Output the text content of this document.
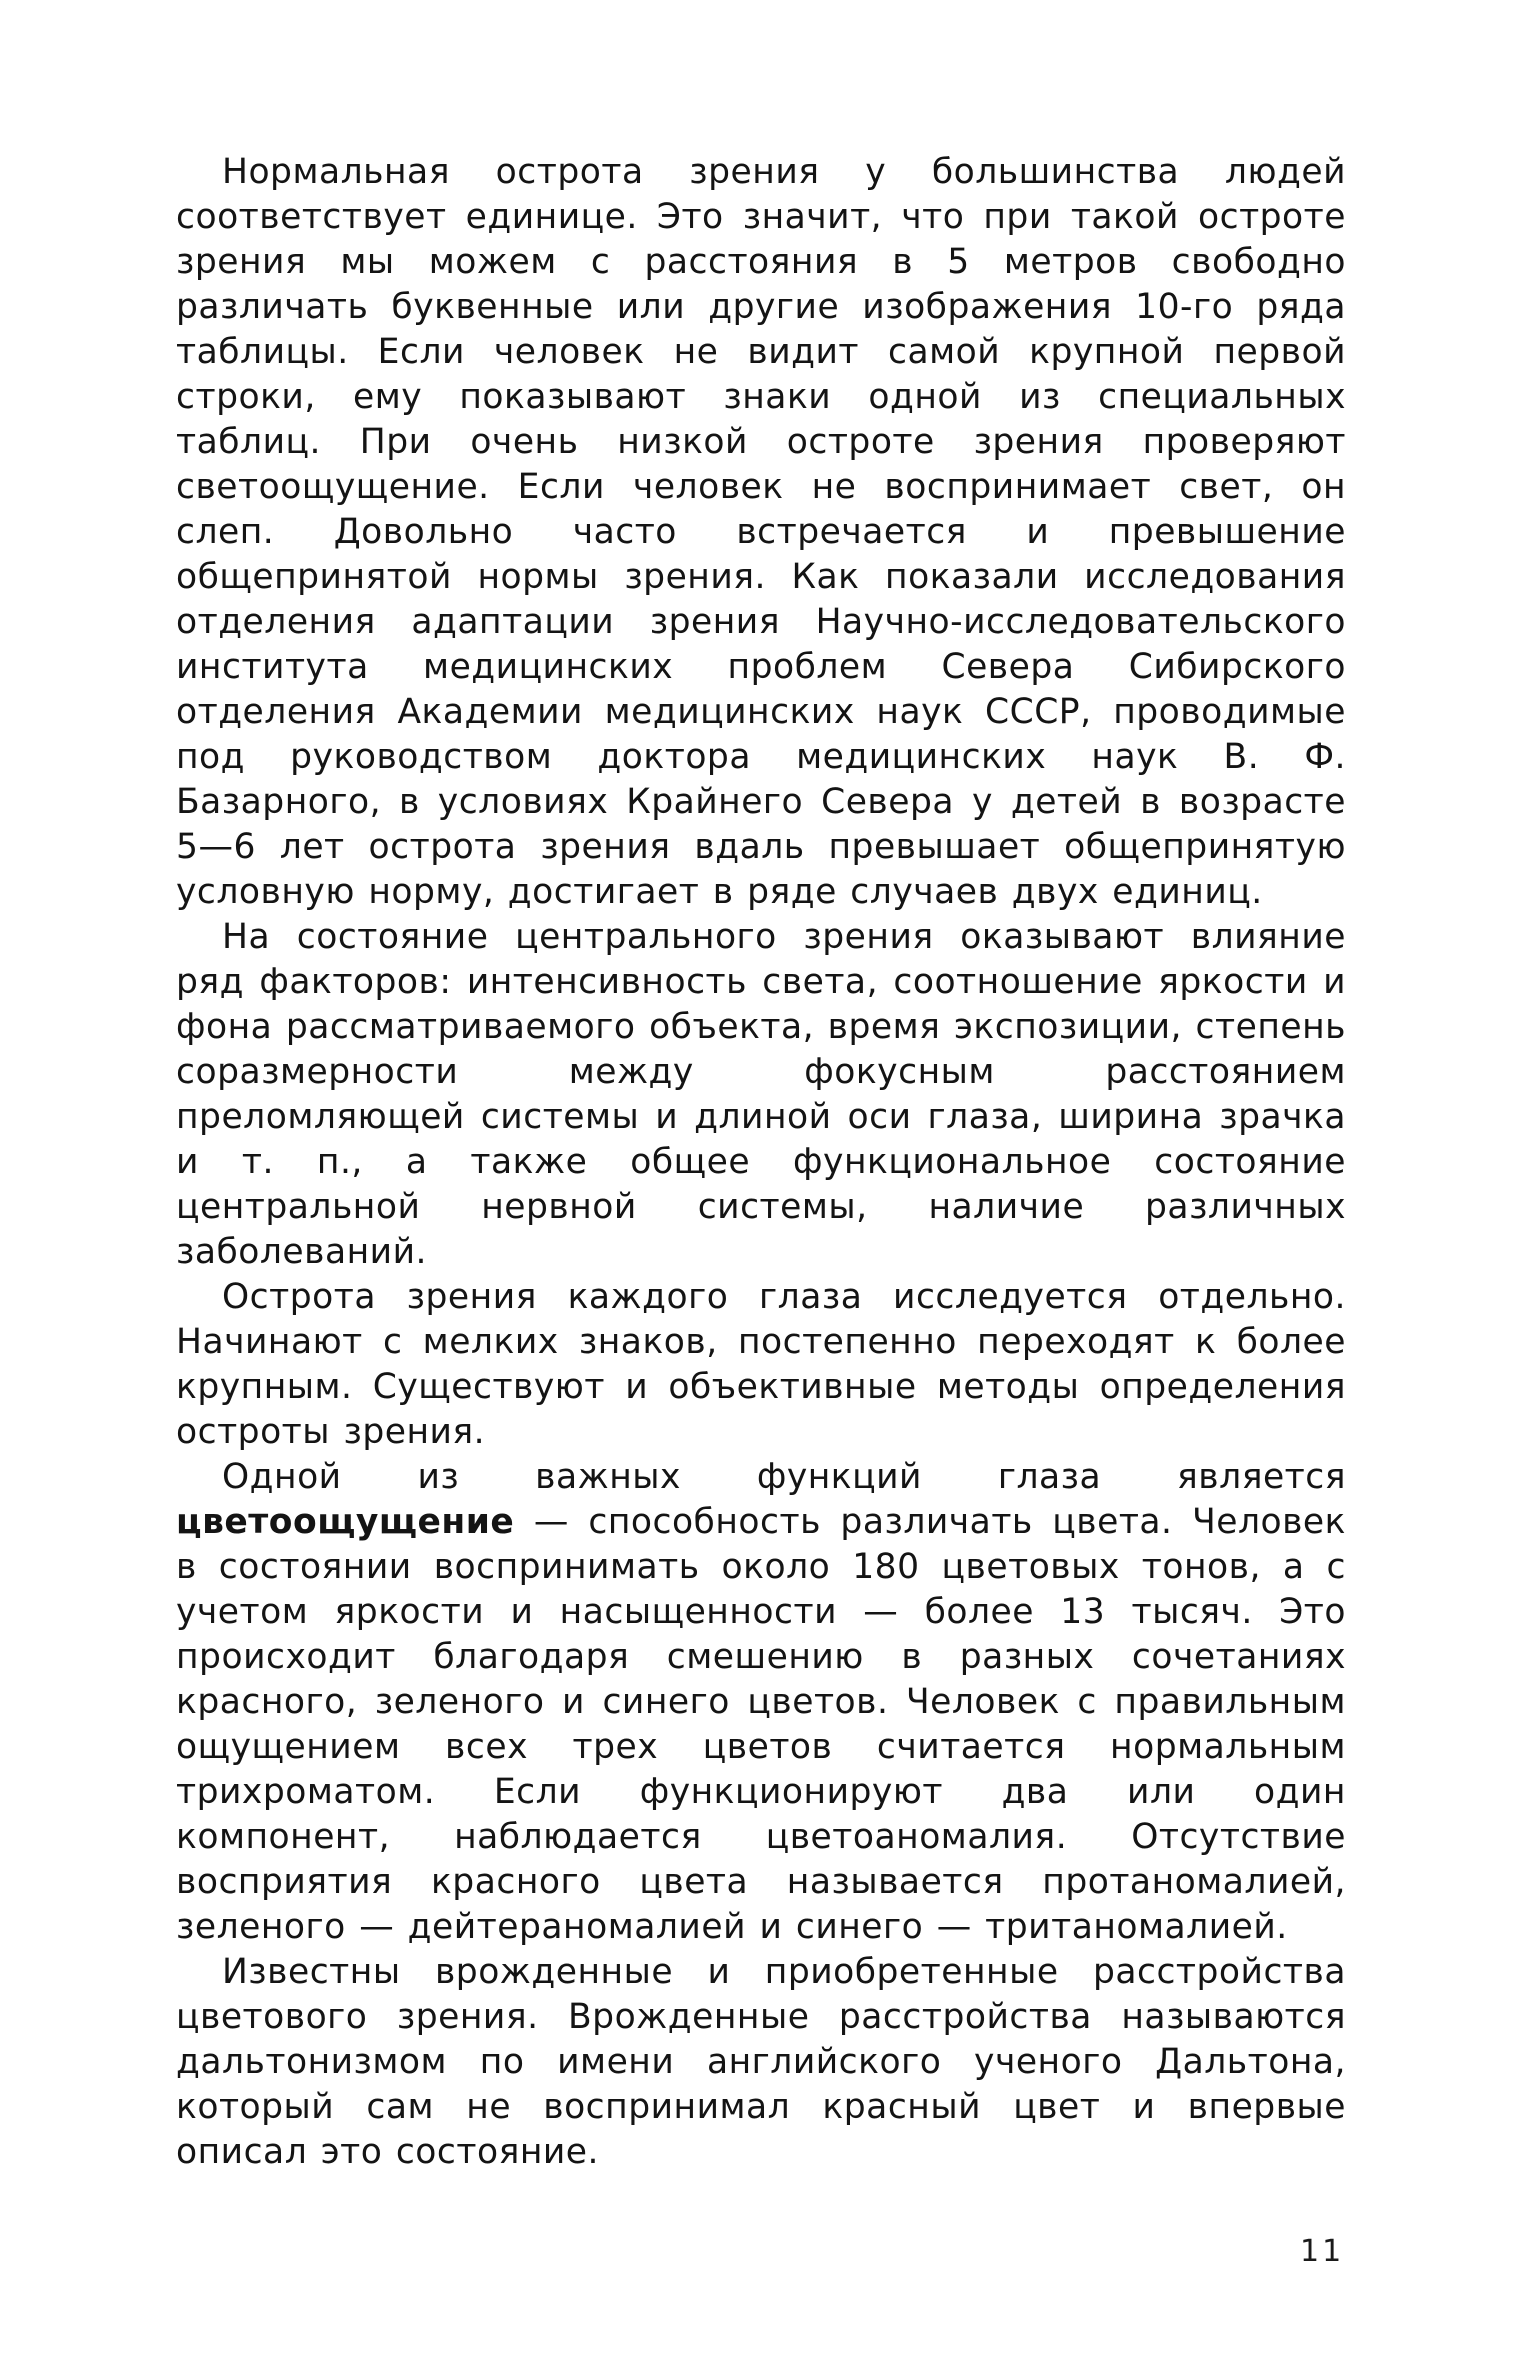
Нормальная острота зрения у большинства людей соответствует единице. Это значит, что при такой остроте зрения мы можем с расстояния в 5 метров свободно различать буквенные или другие изображения 10-го ряда таблицы. Если человек не видит самой крупной первой строки, ему показывают знаки одной из специальных таблиц. При очень низкой остроте зрения проверяют светоощущение. Если человек не воспринимает свет, он слеп. Довольно часто встречается и превышение общепринятой нормы зрения. Как показали исследования отделения адаптации зрения Научно-исследовательского института медицинских проблем Севера Сибирского отделения Академии медицинских наук СССР, проводимые под руководством доктора медицинских наук В. Ф. Базарного, в условиях Крайнего Севера у детей в возрасте 5—6 лет острота зрения вдаль превышает общепринятую условную норму, достигает в ряде случаев двух единиц.

На состояние центрального зрения оказывают влияние ряд факторов: интенсивность света, соотношение яркости и фона рассматриваемого объекта, время экспозиции, степень соразмерности между фокусным расстоянием преломляющей системы и длиной оси глаза, ширина зрачка и т. п., а также общее функциональное состояние центральной нервной системы, наличие различных заболеваний.

Острота зрения каждого глаза исследуется отдельно. Начинают с мелких знаков, постепенно переходят к более крупным. Существуют и объективные методы определения остроты зрения.

Одной из важных функций глаза является цветоощущение — способность различать цвета. Человек в состоянии воспринимать около 180 цветовых тонов, а с учетом яркости и насыщенности — более 13 тысяч. Это происходит благодаря смешению в разных сочетаниях красного, зеленого и синего цветов. Человек с правильным ощущением всех трех цветов считается нормальным трихроматом. Если функционируют два или один компонент, наблюдается цветоаномалия. Отсутствие восприятия красного цвета называется протаномалией, зеленого — дейтераномалией и синего — тританомалией.

Известны врожденные и приобретенные расстройства цветового зрения. Врожденные расстройства называются дальтонизмом по имени английского ученого Дальтона, который сам не воспринимал красный цвет и впервые описал это состояние.

11
